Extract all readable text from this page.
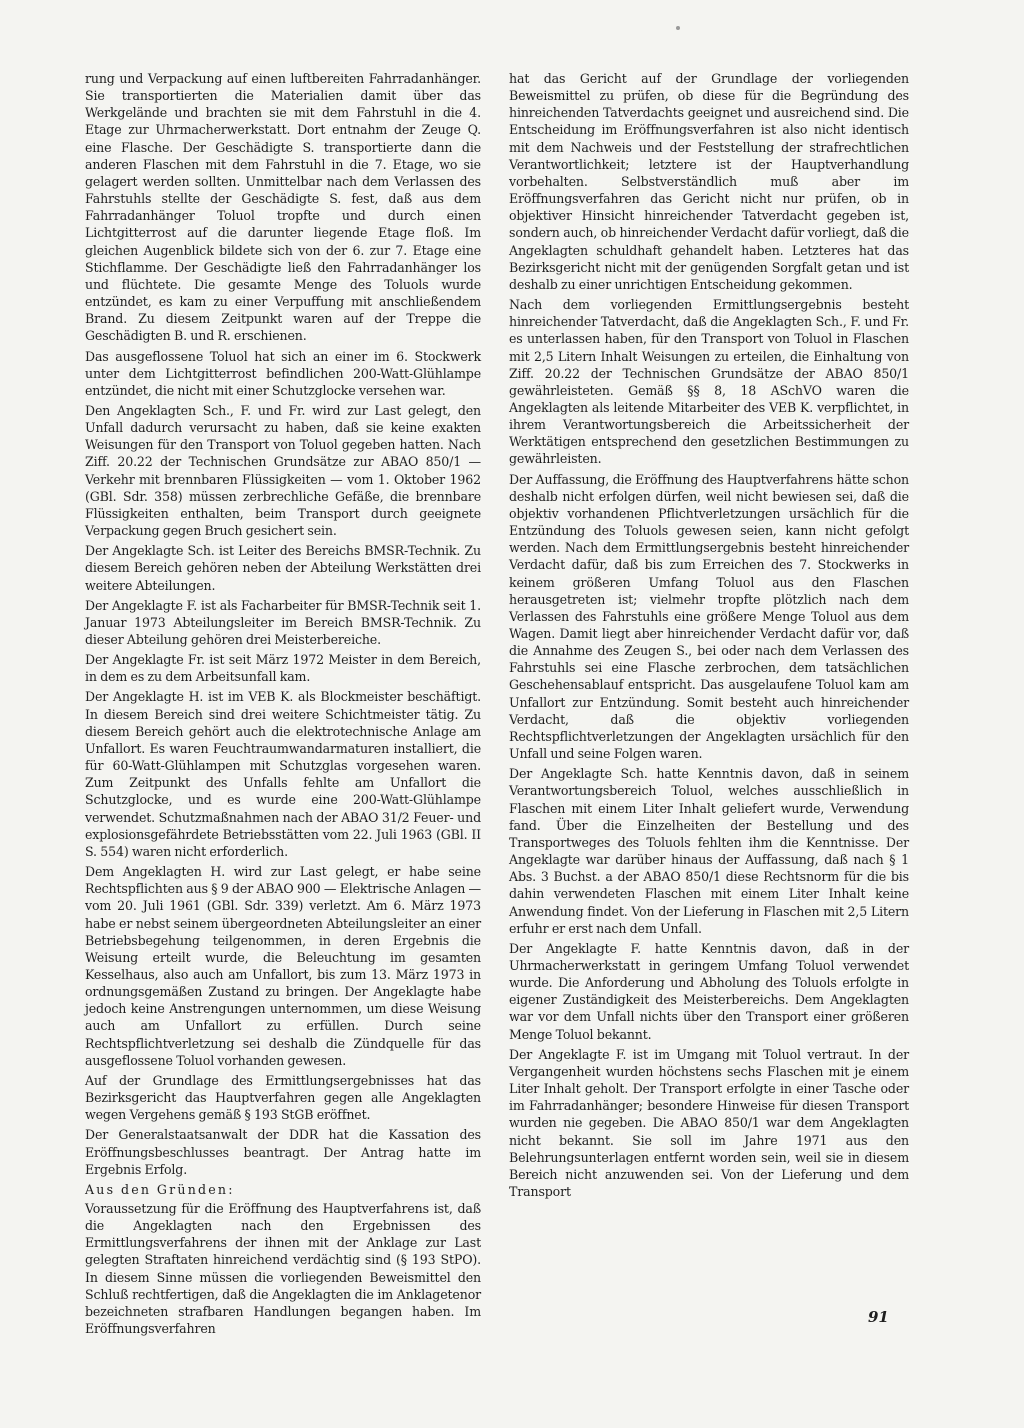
rung und Verpackung auf einen luftbereiten Fahrradanhänger. Sie transportierten die Materialien damit über das Werkgelände und brachten sie mit dem Fahrstuhl in die 4. Etage zur Uhrmacherwerkstatt. Dort entnahm der Zeuge Q. eine Flasche. Der Geschädigte S. transportierte dann die anderen Flaschen mit dem Fahrstuhl in die 7. Etage, wo sie gelagert werden sollten. Unmittelbar nach dem Verlassen des Fahrstuhls stellte der Geschädigte S. fest, daß aus dem Fahrradanhänger Toluol tropfte und durch einen Lichtgitterrost auf die darunter liegende Etage floß. Im gleichen Augenblick bildete sich von der 6. zur 7. Etage eine Stichflamme. Der Geschädigte ließ den Fahrradanhänger los und flüchtete. Die gesamte Menge des Toluols wurde entzündet, es kam zu einer Verpuffung mit anschließendem Brand. Zu diesem Zeitpunkt waren auf der Treppe die Geschädigten B. und R. erschienen.

Das ausgeflossene Toluol hat sich an einer im 6. Stockwerk unter dem Lichtgitterrost befindlichen 200-Watt-Glühlampe entzündet, die nicht mit einer Schutzglocke versehen war.

Den Angeklagten Sch., F. und Fr. wird zur Last gelegt, den Unfall dadurch verursacht zu haben, daß sie keine exakten Weisungen für den Transport von Toluol gegeben hatten. Nach Ziff. 20.22 der Technischen Grundsätze zur ABAO 850/1 — Verkehr mit brennbaren Flüssigkeiten — vom 1. Oktober 1962 (GBl. Sdr. 358) müssen zerbrechliche Gefäße, die brennbare Flüssigkeiten enthalten, beim Transport durch geeignete Verpackung gegen Bruch gesichert sein.

Der Angeklagte Sch. ist Leiter des Bereichs BMSR-Technik. Zu diesem Bereich gehören neben der Abteilung Werkstätten drei weitere Abteilungen.

Der Angeklagte F. ist als Facharbeiter für BMSR-Technik seit 1. Januar 1973 Abteilungsleiter im Bereich BMSR-Technik. Zu dieser Abteilung gehören drei Meisterbereiche.

Der Angeklagte Fr. ist seit März 1972 Meister in dem Bereich, in dem es zu dem Arbeitsunfall kam.

Der Angeklagte H. ist im VEB K. als Blockmeister beschäftigt. In diesem Bereich sind drei weitere Schichtmeister tätig. Zu diesem Bereich gehört auch die elektrotechnische Anlage am Unfallort. Es waren Feuchtraumwandarmaturen installiert, die für 60-Watt-Glühlampen mit Schutzglas vorgesehen waren. Zum Zeitpunkt des Unfalls fehlte am Unfallort die Schutzglocke, und es wurde eine 200-Watt-Glühlampe verwendet. Schutzmaßnahmen nach der ABAO 31/2 Feuer- und explosionsgefährdete Betriebsstätten vom 22. Juli 1963 (GBl. II S. 554) waren nicht erforderlich.

Dem Angeklagten H. wird zur Last gelegt, er habe seine Rechtspflichten aus § 9 der ABAO 900 — Elektrische Anlagen — vom 20. Juli 1961 (GBl. Sdr. 339) verletzt. Am 6. März 1973 habe er nebst seinem übergeordneten Abteilungsleiter an einer Betriebsbegehung teilgenommen, in deren Ergebnis die Weisung erteilt wurde, die Beleuchtung im gesamten Kesselhaus, also auch am Unfallort, bis zum 13. März 1973 in ordnungsgemäßen Zustand zu bringen. Der Angeklagte habe jedoch keine Anstrengungen unternommen, um diese Weisung auch am Unfallort zu erfüllen. Durch seine Rechtspflichtverletzung sei deshalb die Zündquelle für das ausgeflossene Toluol vorhanden gewesen.

Auf der Grundlage des Ermittlungsergebnisses hat das Bezirksgericht das Hauptverfahren gegen alle Angeklagten wegen Vergehens gemäß § 193 StGB eröffnet.

Der Generalstaatsanwalt der DDR hat die Kassation des Eröffnungsbeschlusses beantragt. Der Antrag hatte im Ergebnis Erfolg.

Aus den Gründen:

Voraussetzung für die Eröffnung des Hauptverfahrens ist, daß die Angeklagten nach den Ergebnissen des Ermittlungsverfahrens der ihnen mit der Anklage zur Last gelegten Straftaten hinreichend verdächtig sind (§ 193 StPO). In diesem Sinne müssen die vorliegenden Beweismittel den Schluß rechtfertigen, daß die Angeklagten die im Anklagetenor bezeichneten strafbaren Handlungen begangen haben. Im Eröffnungsverfahren

hat das Gericht auf der Grundlage der vorliegenden Beweismittel zu prüfen, ob diese für die Begründung des hinreichenden Tatverdachts geeignet und ausreichend sind. Die Entscheidung im Eröffnungsverfahren ist also nicht identisch mit dem Nachweis und der Feststellung der strafrechtlichen Verantwortlichkeit; letztere ist der Hauptverhandlung vorbehalten. Selbstverständlich muß aber im Eröffnungsverfahren das Gericht nicht nur prüfen, ob in objektiver Hinsicht hinreichender Tatverdacht gegeben ist, sondern auch, ob hinreichender Verdacht dafür vorliegt, daß die Angeklagten schuldhaft gehandelt haben. Letzteres hat das Bezirksgericht nicht mit der genügenden Sorgfalt getan und ist deshalb zu einer unrichtigen Entscheidung gekommen.

Nach dem vorliegenden Ermittlungsergebnis besteht hinreichender Tatverdacht, daß die Angeklagten Sch., F. und Fr. es unterlassen haben, für den Transport von Toluol in Flaschen mit 2,5 Litern Inhalt Weisungen zu erteilen, die Einhaltung von Ziff. 20.22 der Technischen Grundsätze der ABAO 850/1 gewährleisteten. Gemäß §§ 8, 18 ASchVO waren die Angeklagten als leitende Mitarbeiter des VEB K. verpflichtet, in ihrem Verantwortungsbereich die Arbeitssicherheit der Werktätigen entsprechend den gesetzlichen Bestimmungen zu gewährleisten.

Der Auffassung, die Eröffnung des Hauptverfahrens hätte schon deshalb nicht erfolgen dürfen, weil nicht bewiesen sei, daß die objektiv vorhandenen Pflichtverletzungen ursächlich für die Entzündung des Toluols gewesen seien, kann nicht gefolgt werden. Nach dem Ermittlungsergebnis besteht hinreichender Verdacht dafür, daß bis zum Erreichen des 7. Stockwerks in keinem größeren Umfang Toluol aus den Flaschen herausgetreten ist; vielmehr tropfte plötzlich nach dem Verlassen des Fahrstuhls eine größere Menge Toluol aus dem Wagen. Damit liegt aber hinreichender Verdacht dafür vor, daß die Annahme des Zeugen S., bei oder nach dem Verlassen des Fahrstuhls sei eine Flasche zerbrochen, dem tatsächlichen Geschehensablauf entspricht. Das ausgelaufene Toluol kam am Unfallort zur Entzündung. Somit besteht auch hinreichender Verdacht, daß die objektiv vorliegenden Rechtspflichtverletzungen der Angeklagten ursächlich für den Unfall und seine Folgen waren.

Der Angeklagte Sch. hatte Kenntnis davon, daß in seinem Verantwortungsbereich Toluol, welches ausschließlich in Flaschen mit einem Liter Inhalt geliefert wurde, Verwendung fand. Über die Einzelheiten der Bestellung und des Transportweges des Toluols fehlten ihm die Kenntnisse. Der Angeklagte war darüber hinaus der Auffassung, daß nach § 1 Abs. 3 Buchst. a der ABAO 850/1 diese Rechtsnorm für die bis dahin verwendeten Flaschen mit einem Liter Inhalt keine Anwendung findet. Von der Lieferung in Flaschen mit 2,5 Litern erfuhr er erst nach dem Unfall.

Der Angeklagte F. hatte Kenntnis davon, daß in der Uhrmacherwerkstatt in geringem Umfang Toluol verwendet wurde. Die Anforderung und Abholung des Toluols erfolgte in eigener Zuständigkeit des Meisterbereichs. Dem Angeklagten war vor dem Unfall nichts über den Transport einer größeren Menge Toluol bekannt.

Der Angeklagte F. ist im Umgang mit Toluol vertraut. In der Vergangenheit wurden höchstens sechs Flaschen mit je einem Liter Inhalt geholt. Der Transport erfolgte in einer Tasche oder im Fahrradanhänger; besondere Hinweise für diesen Transport wurden nie gegeben. Die ABAO 850/1 war dem Angeklagten nicht bekannt. Sie soll im Jahre 1971 aus den Belehrungsunterlagen entfernt worden sein, weil sie in diesem Bereich nicht anzuwenden sei. Von der Lieferung und dem Transport

91
